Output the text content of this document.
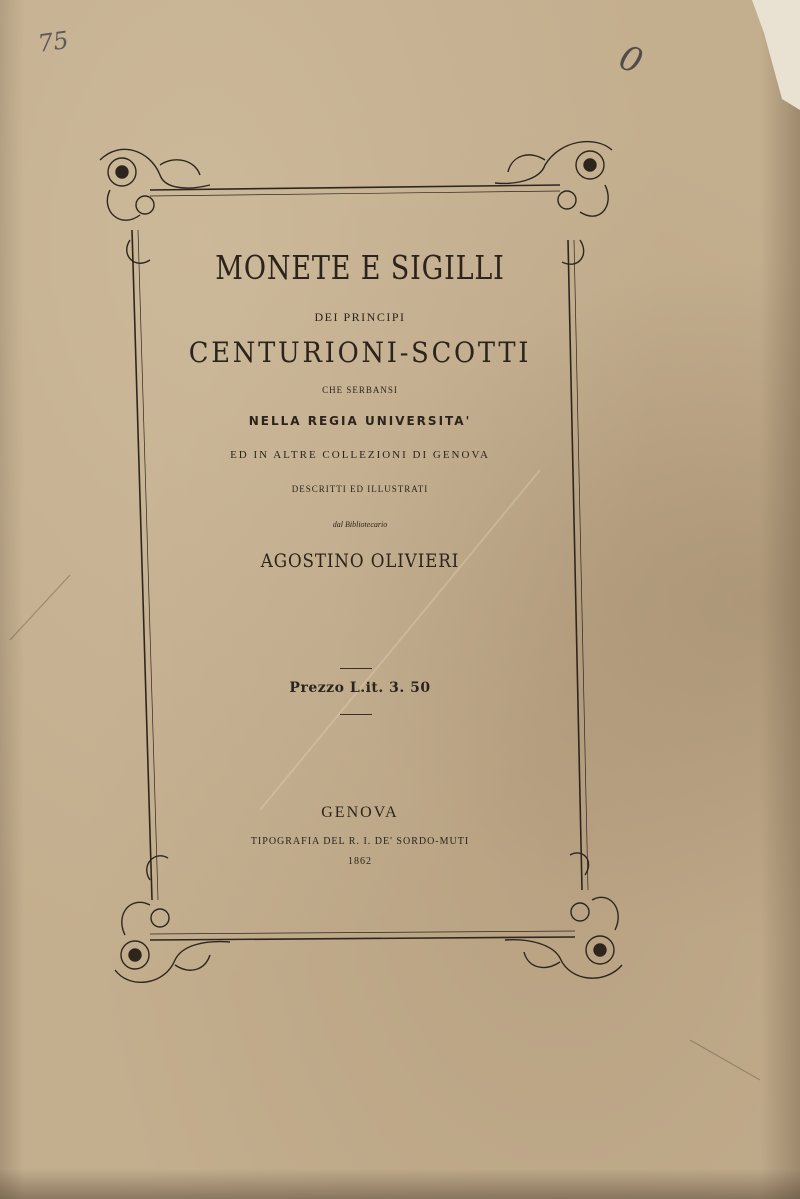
75	0
MONETE E SIGILLI
DEI PRINCIPI
CENTURIONI-SCOTTI
CHE SERBANSI
NELLA REGIA UNIVERSITA'
ED IN ALTRE COLLEZIONI DI GENOVA
DESCRITTI ED ILLUSTRATI
dal Bibliotecario
AGOSTINO OLIVIERI
Prezzo L.it. 3. 50
GENOVA
TIPOGRAFIA DEL R. I. DE' SORDO-MUTI
1862
